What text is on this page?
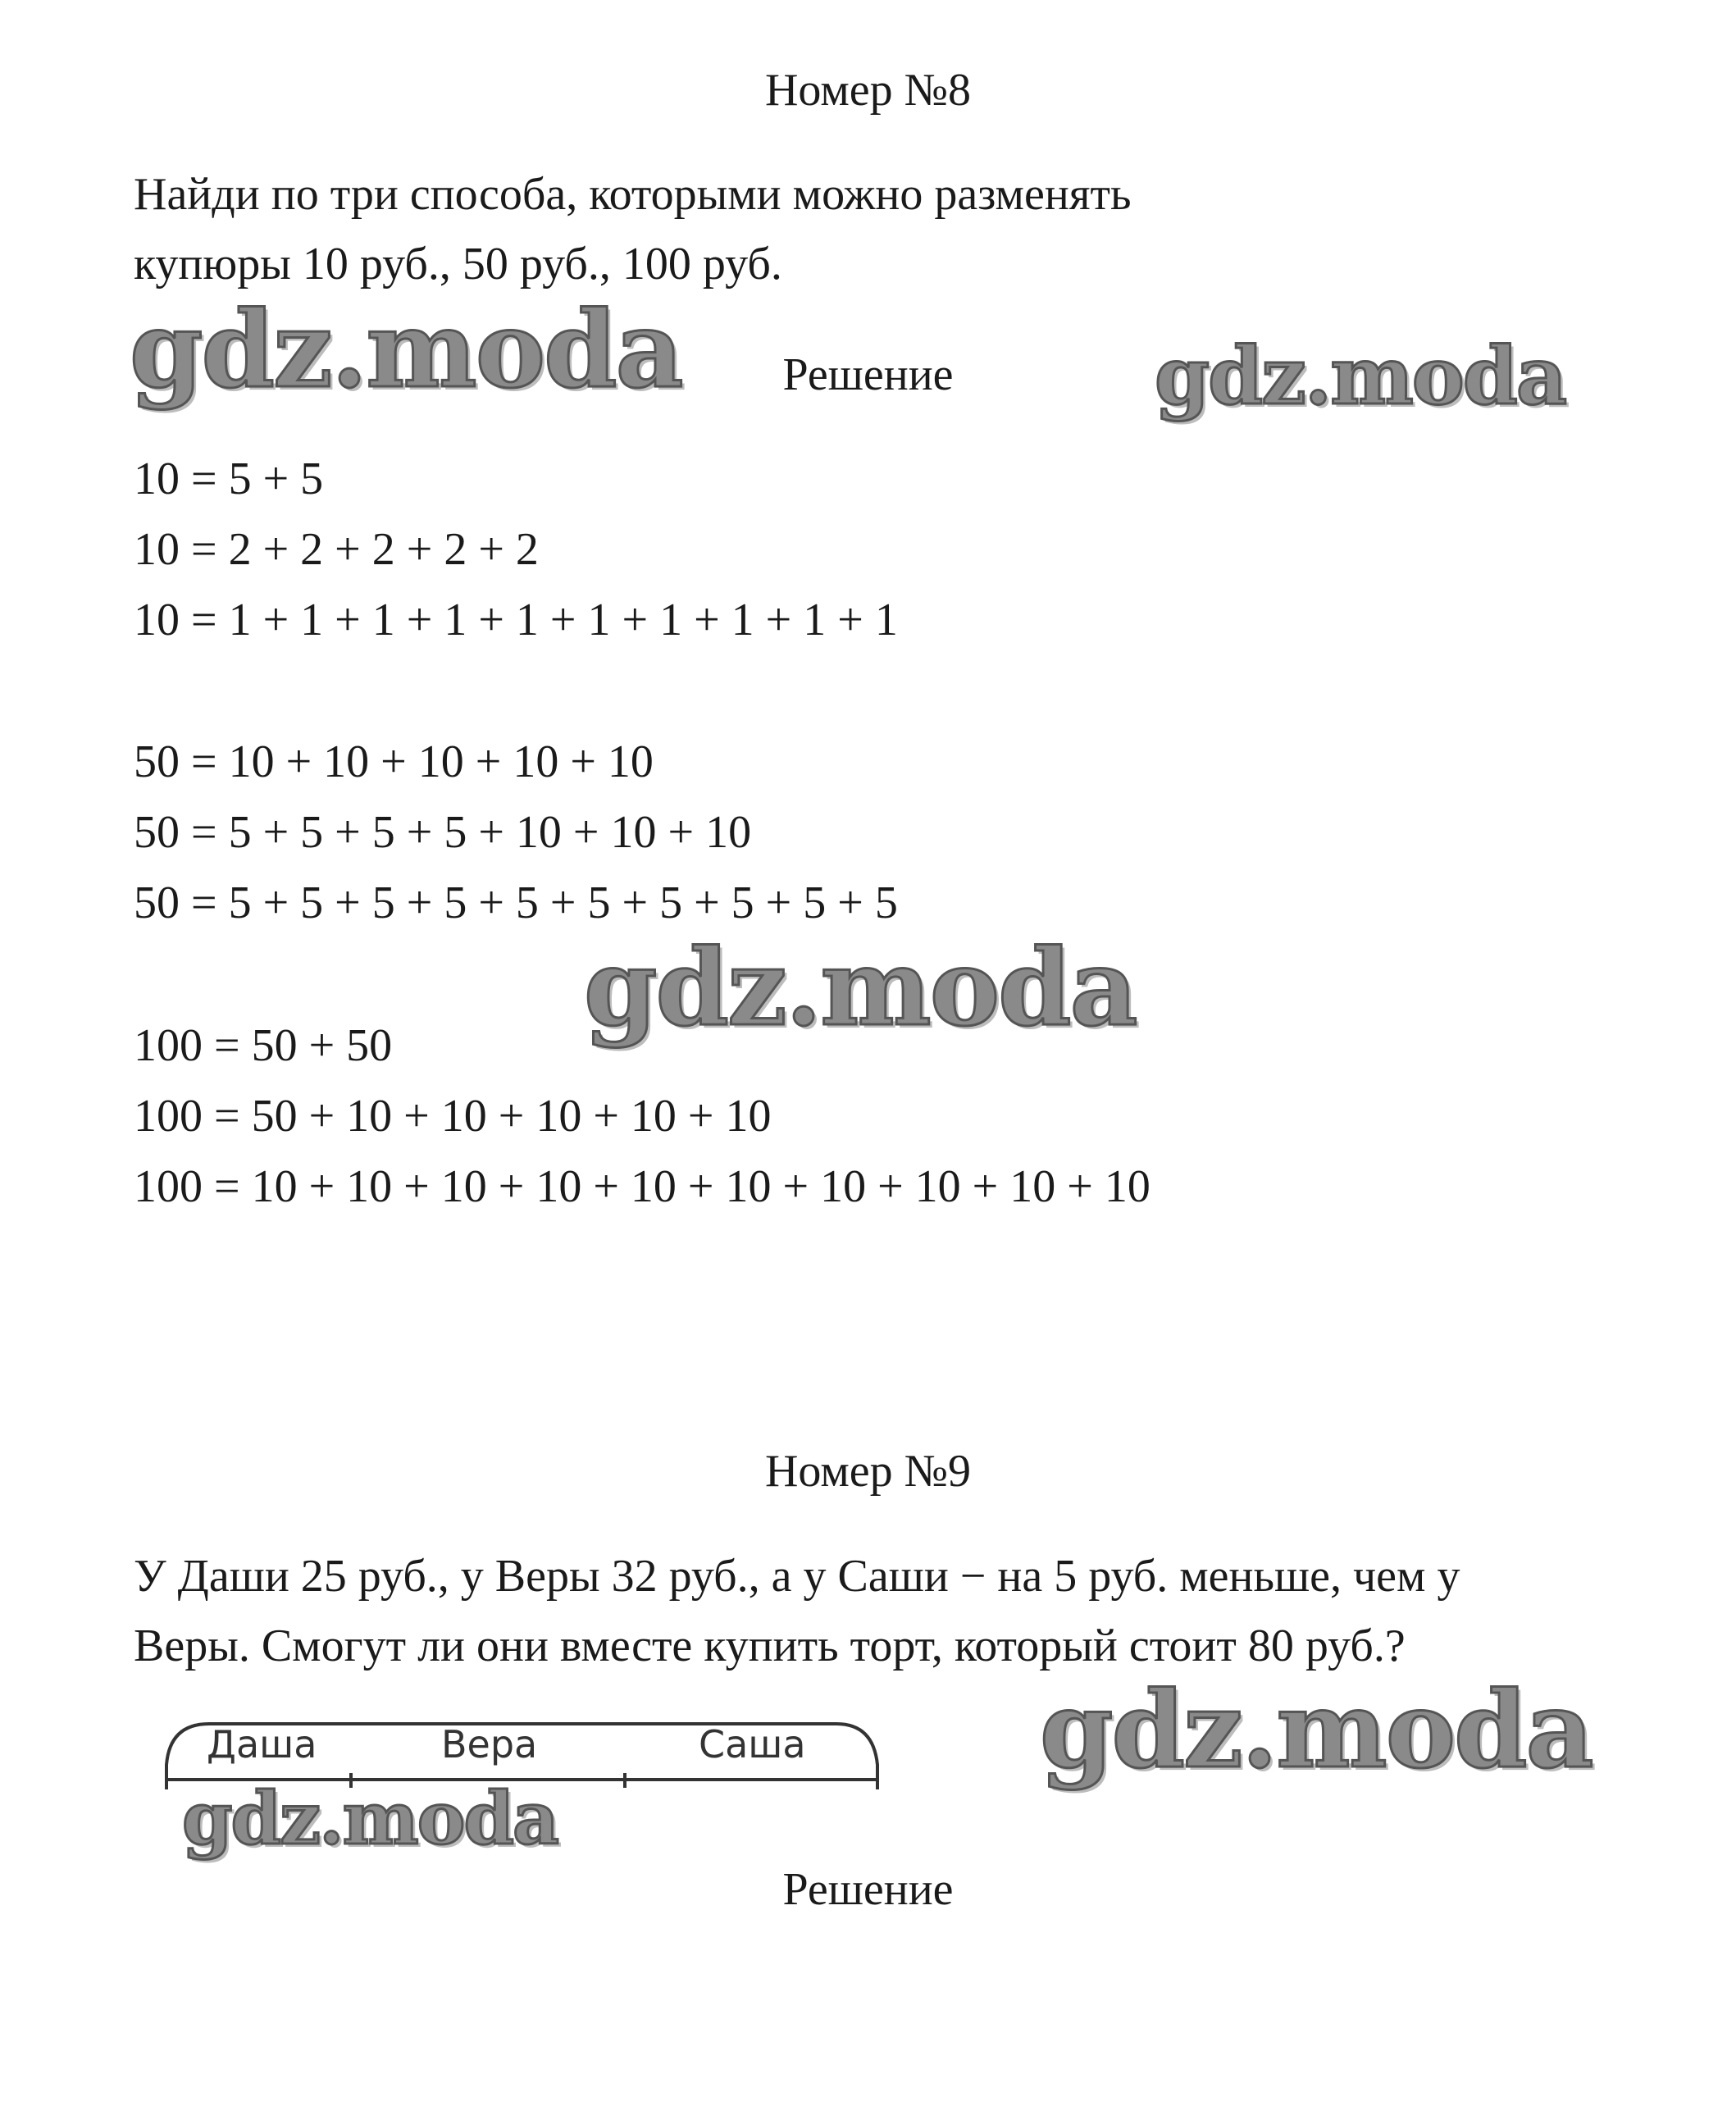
Номер №8
Найди по три способа, которыми можно разменять
купюры 10 руб., 50 руб., 100 руб.
gdz.moda	Решение	gdz.moda
10 = 5 + 5
10 = 2 + 2 + 2 + 2 + 2
10 = 1 + 1 + 1 + 1 + 1 + 1 + 1 + 1 + 1 + 1
50 = 10 + 10 + 10 + 10 + 10
50 = 5 + 5 + 5 + 5 + 10 + 10 + 10
50 = 5 + 5 + 5 + 5 + 5 + 5 + 5 + 5 + 5 + 5
gdz.moda
100 = 50 + 50
100 = 50 + 10 + 10 + 10 + 10 + 10
100 = 10 + 10 + 10 + 10 + 10 + 10 + 10 + 10 + 10 + 10
Номер №9
У Даши 25 руб., у Веры 32 руб., а у Саши − на 5 руб. меньше, чем у
Веры. Смогут ли они вместе купить торт, который стоит 80 руб.?
Даша	Вера	Саша gdz.moda
gdz.moda
Решение
